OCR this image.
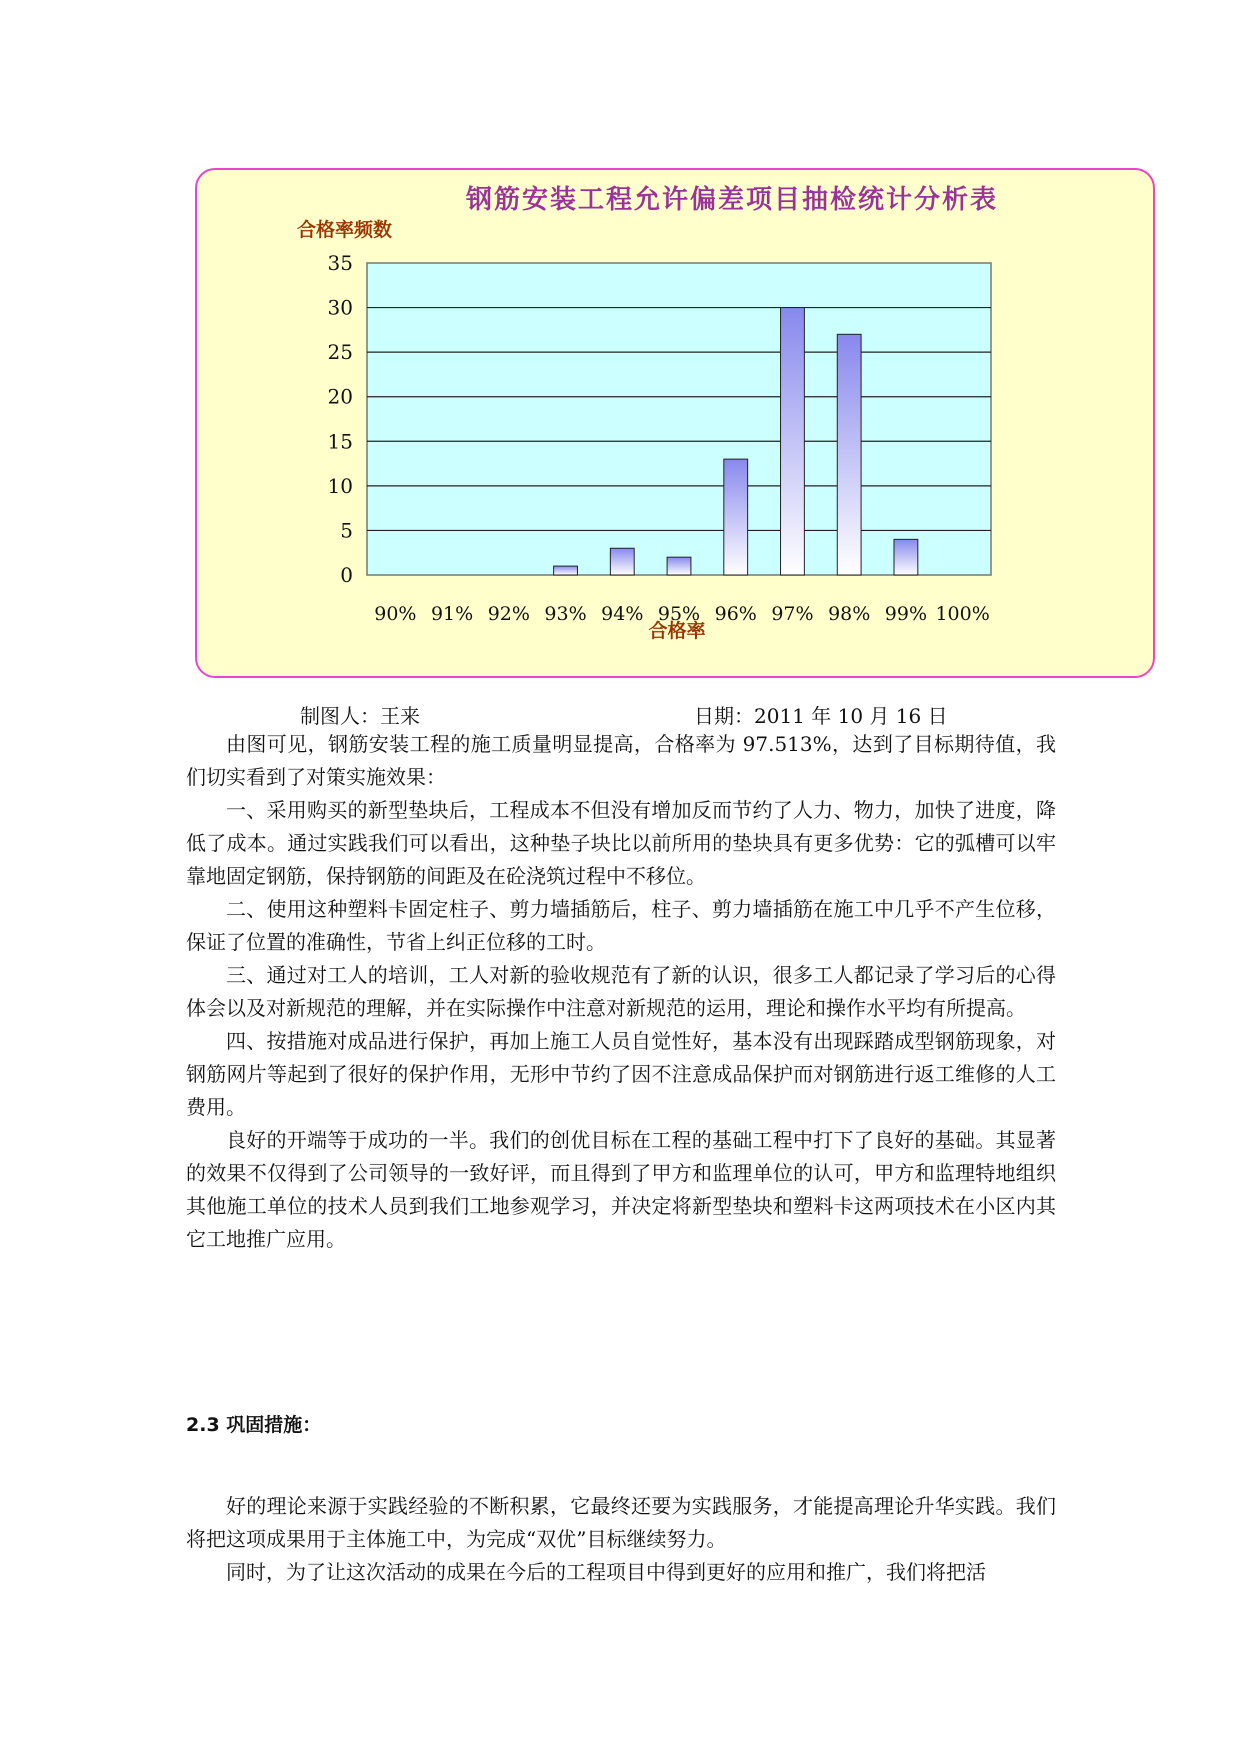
钢筋安装工程允许偏差项目抽检统计分析表
合格率频数
合格率
0
5
10
15
20
25
30
35
90% 91% 92% 93% 94% 95% 96% 97% 98% 99% 100%
制图人：王来	日期：2011 年 10 月 16 日

由图可见，钢筋安装工程的施工质量明显提高，合格率为 97.513%，达到了目标期待值，我们切实看到了对策实施效果：

一、采用购买的新型垫块后，工程成本不但没有增加反而节约了人力、物力，加快了进度，降低了成本。通过实践我们可以看出，这种垫子块比以前所用的垫块具有更多优势：它的弧槽可以牢靠地固定钢筋，保持钢筋的间距及在砼浇筑过程中不移位。

二、使用这种塑料卡固定柱子、剪力墙插筋后，柱子、剪力墙插筋在施工中几乎不产生位移，保证了位置的准确性，节省上纠正位移的工时。

三、通过对工人的培训，工人对新的验收规范有了新的认识，很多工人都记录了学习后的心得体会以及对新规范的理解，并在实际操作中注意对新规范的运用，理论和操作水平均有所提高。

四、按措施对成品进行保护，再加上施工人员自觉性好，基本没有出现踩踏成型钢筋现象，对钢筋网片等起到了很好的保护作用，无形中节约了因不注意成品保护而对钢筋进行返工维修的人工费用。

良好的开端等于成功的一半。我们的创优目标在工程的基础工程中打下了良好的基础。其显著的效果不仅得到了公司领导的一致好评，而且得到了甲方和监理单位的认可，甲方和监理特地组织其他施工单位的技术人员到我们工地参观学习，并决定将新型垫块和塑料卡这两项技术在小区内其它工地推广应用。

2.3 巩固措施：

好的理论来源于实践经验的不断积累，它最终还要为实践服务，才能提高理论升华实践。我们将把这项成果用于主体施工中，为完成“双优”目标继续努力。

同时，为了让这次活动的成果在今后的工程项目中得到更好的应用和推广，我们将把活
